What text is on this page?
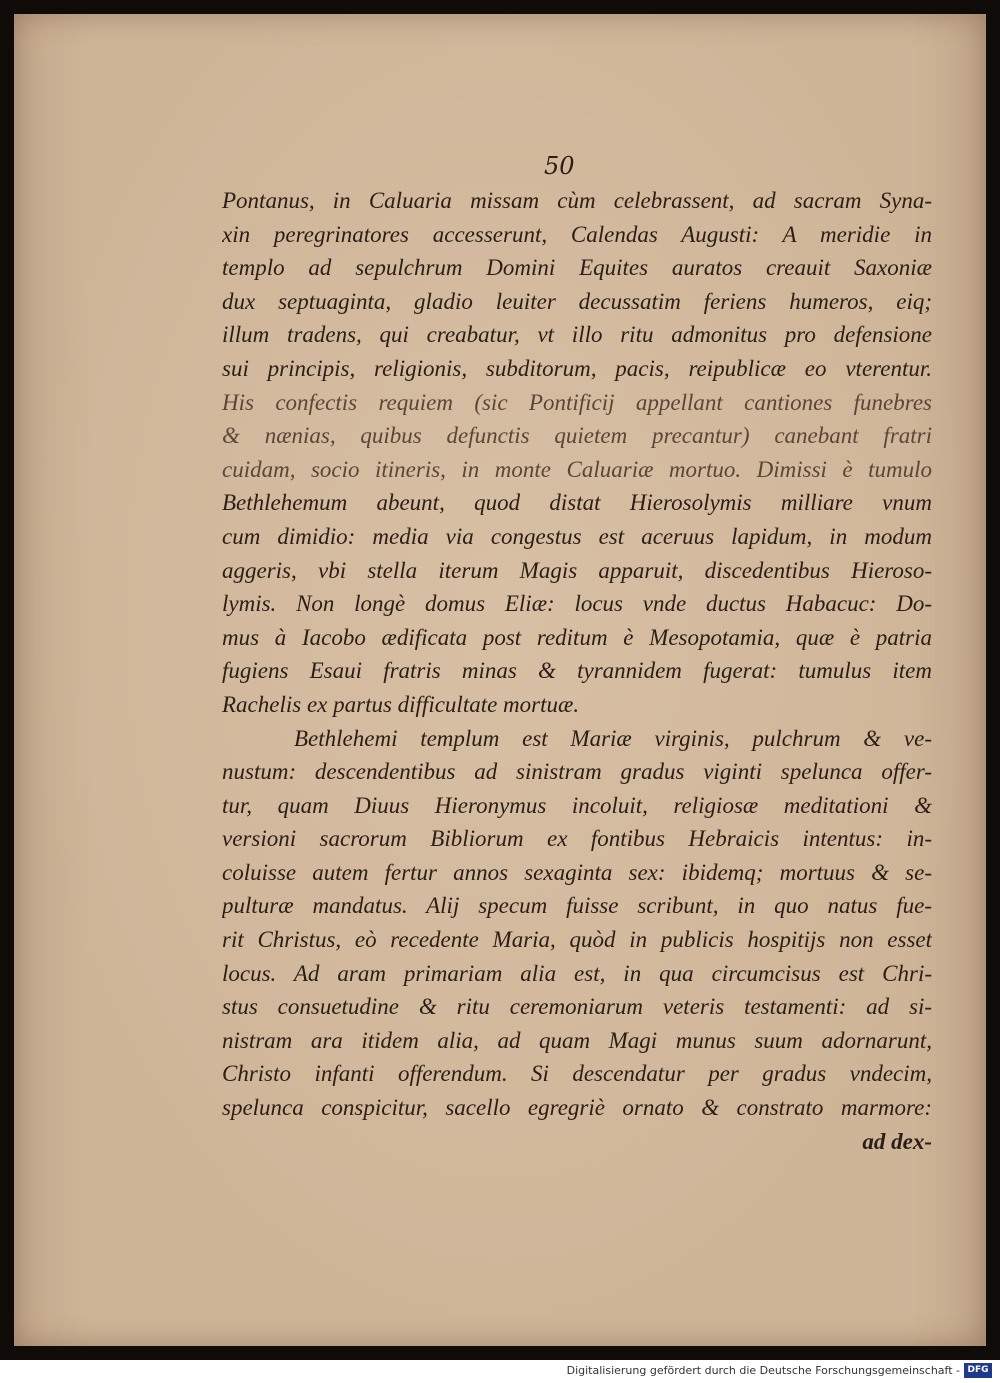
50
Pontanus, in Caluaria missam cùm celebrassent, ad sacram Syna-
xin peregrinatores accesserunt, Calendas Augusti: A meridie in
templo ad sepulchrum Domini Equites auratos creauit Saxoniæ
dux septuaginta, gladio leuiter decussatim feriens humeros, eiq;
illum tradens, qui creabatur, vt illo ritu admonitus pro defensione
sui principis, religionis, subditorum, pacis, reipublicæ eo vterentur.
His confectis requiem (sic Pontificij appellant cantiones funebres
& nænias, quibus defunctis quietem precantur) canebant fratri
cuidam, socio itineris, in monte Caluariæ mortuo. Dimissi è tumulo
Bethlehemum abeunt, quod distat Hierosolymis milliare vnum
cum dimidio: media via congestus est aceruus lapidum, in modum
aggeris, vbi stella iterum Magis apparuit, discedentibus Hieroso-
lymis. Non longè domus Eliæ: locus vnde ductus Habacuc: Do-
mus à Iacobo ædificata post reditum è Mesopotamia, quæ è patria
fugiens Esaui fratris minas & tyrannidem fugerat: tumulus item
Rachelis ex partus difficultate mortuæ.
Bethlehemi templum est Mariæ virginis, pulchrum & ve-
nustum: descendentibus ad sinistram gradus viginti spelunca offer-
tur, quam Diuus Hieronymus incoluit, religiosæ meditationi &
versioni sacrorum Bibliorum ex fontibus Hebraicis intentus: in-
coluisse autem fertur annos sexaginta sex: ibidemq; mortuus & se-
pulturæ mandatus. Alij specum fuisse scribunt, in quo natus fue-
rit Christus, eò recedente Maria, quòd in publicis hospitijs non esset
locus. Ad aram primariam alia est, in qua circumcisus est Chri-
stus consuetudine & ritu ceremoniarum veteris testamenti: ad si-
nistram ara itidem alia, ad quam Magi munus suum adornarunt,
Christo infanti offerendum. Si descendatur per gradus vndecim,
spelunca conspicitur, sacello egregriè ornato & constrato marmore:
ad dex-
Digitalisierung gefördert durch die Deutsche Forschungsgemeinschaft - DFG
